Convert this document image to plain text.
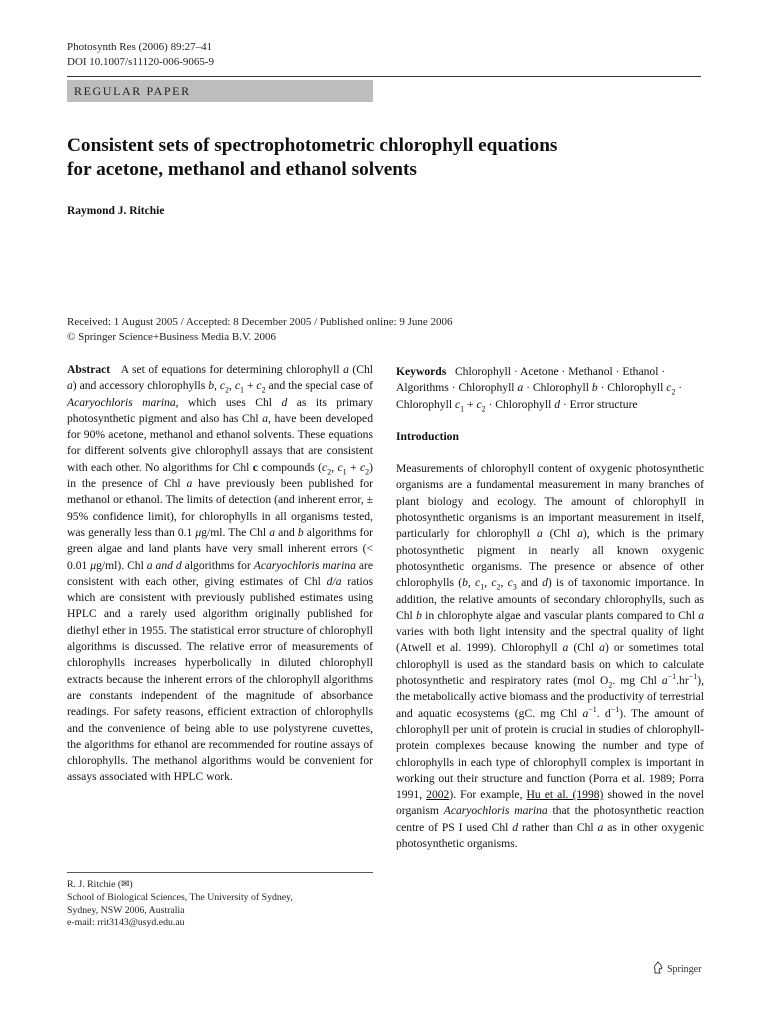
Photosynth Res (2006) 89:27–41
DOI 10.1007/s11120-006-9065-9
REGULAR PAPER
Consistent sets of spectrophotometric chlorophyll equations
for acetone, methanol and ethanol solvents
Raymond J. Ritchie
Received: 1 August 2005 / Accepted: 8 December 2005 / Published online: 9 June 2006
© Springer Science+Business Media B.V. 2006

Abstract A set of equations for determining chlorophyll a (Chl a) and accessory chlorophylls b, $c_2$, $c_1 + c_2$ and the special case of Acaryochloris marina, which uses Chl d as its primary photosynthetic pigment and also has Chl a, have been developed for 90% acetone, methanol and ethanol solvents. These equations for different solvents give chlorophyll assays that are consistent with each other. No algorithms for Chl c compounds ($c_2$, $c_1 + c_2$) in the presence of Chl a have previously been published for methanol or ethanol. The limits of detection (and inherent error, ± 95% confidence limit), for chlorophylls in all organisms tested, was generally less than 0.1 μg/ml. The Chl a and b algorithms for green algae and land plants have very small inherent errors (< 0.01 μg/ml). Chl a and d algorithms for Acaryochloris marina are consistent with each other, giving estimates of Chl d/a ratios which are consistent with previously published estimates using HPLC and a rarely used algorithm originally published for diethyl ether in 1955. The statistical error structure of chlorophyll algorithms is discussed. The relative error of measurements of chlorophylls increases hyperbolically in diluted chlorophyll extracts because the inherent errors of the chlorophyll algorithms are constants independent of the magnitude of absorbance readings. For safety reasons, efficient extraction of chlorophylls and the convenience of being able to use polystyrene cuvettes, the algorithms for ethanol are recommended for routine assays of chlorophylls. The methanol algorithms would be convenient for assays associated with HPLC work.

R. J. Ritchie (✉)
School of Biological Sciences, The University of Sydney,
Sydney, NSW 2006, Australia
e-mail: rrit3143@usyd.edu.au

Keywords Chlorophyll · Acetone · Methanol · Ethanol · Algorithms · Chlorophyll a · Chlorophyll b · Chlorophyll $c_2$ · Chlorophyll $c_1 + c_2$ · Chlorophyll d · Error structure

Introduction

Measurements of chlorophyll content of oxygenic photosynthetic organisms are a fundamental measurement in many branches of plant biology and ecology. The amount of chlorophyll in photosynthetic organisms is an important measurement in itself, particularly for chlorophyll a (Chl a), which is the primary photosynthetic pigment in nearly all known oxygenic photosynthetic organisms. The presence or absence of other chlorophylls (b, $c_1$, $c_2$, $c_3$ and d) is of taxonomic importance. In addition, the relative amounts of secondary chlorophylls, such as Chl b in chlorophyte algae and vascular plants compared to Chl a varies with both light intensity and the spectral quality of light (Atwell et al. 1999). Chlorophyll a (Chl a) or sometimes total chlorophyll is used as the standard basis on which to calculate photosynthetic and respiratory rates (mol $O_2$. mg Chl $a^{-1}.hr^{-1}$), the metabolically active biomass and the productivity of terrestrial and aquatic ecosystems (gC. mg Chl $a^{-1}$. $d^{-1}$). The amount of chlorophyll per unit of protein is crucial in studies of chlorophyll-protein complexes because knowing the number and type of chlorophylls in each type of chlorophyll complex is important in working out their structure and function (Porra et al. 1989; Porra 1991, 2002). For example, Hu et al. (1998) showed in the novel organism Acaryochloris marina that the photosynthetic reaction centre of PS I used Chl d rather than Chl a as in other oxygenic photosynthetic organisms.

Springer
